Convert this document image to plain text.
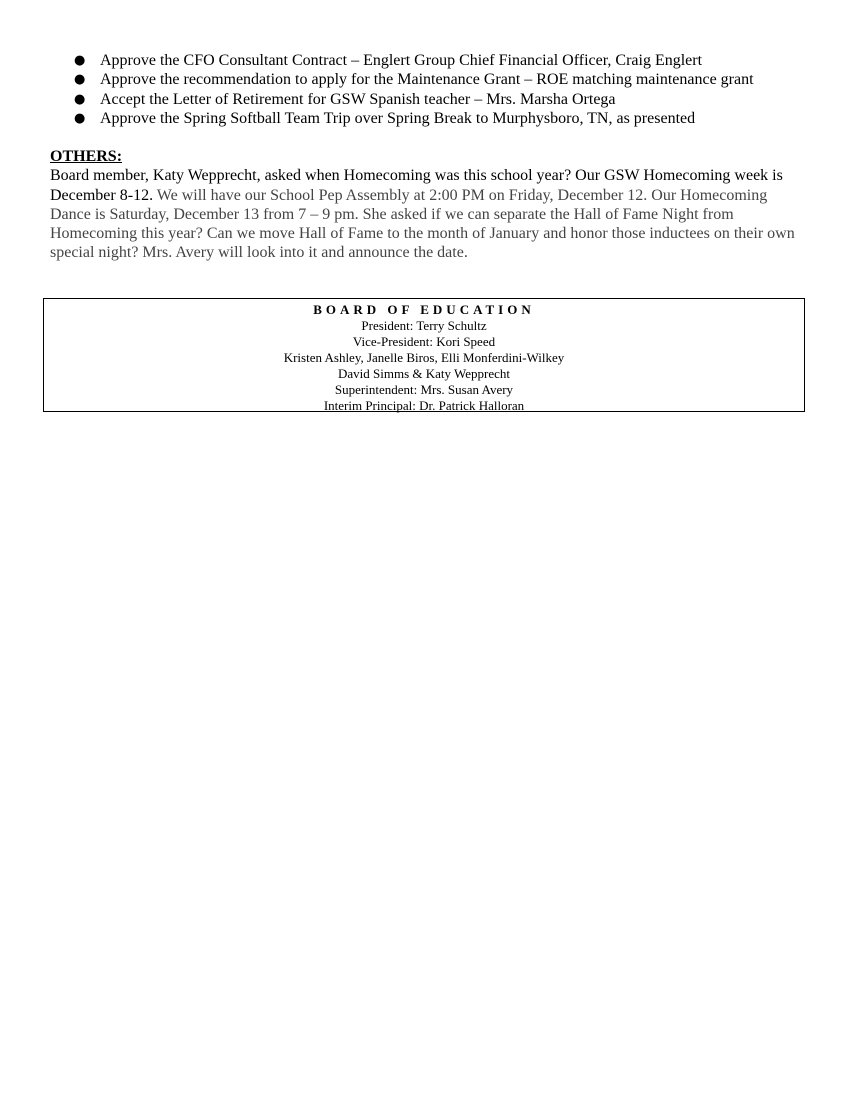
● Approve the CFO Consultant Contract – Englert Group Chief Financial Officer, Craig Englert
● Approve the recommendation to apply for the Maintenance Grant – ROE matching maintenance grant
● Accept the Letter of Retirement for GSW Spanish teacher – Mrs. Marsha Ortega
● Approve the Spring Softball Team Trip over Spring Break to Murphysboro, TN, as presented

OTHERS:

Board member, Katy Wepprecht, asked when Homecoming was this school year? Our GSW Homecoming week is December 8-12. We will have our School Pep Assembly at 2:00 PM on Friday, December 12. Our Homecoming Dance is Saturday, December 13 from 7 – 9 pm. She asked if we can separate the Hall of Fame Night from Homecoming this year? Can we move Hall of Fame to the month of January and honor those inductees on their own special night? Mrs. Avery will look into it and announce the date.

BOARD OF EDUCATION
President: Terry Schultz
Vice-President: Kori Speed
Kristen Ashley, Janelle Biros, Elli Monferdini-Wilkey
David Simms & Katy Wepprecht
Superintendent: Mrs. Susan Avery
Interim Principal: Dr. Patrick Halloran
